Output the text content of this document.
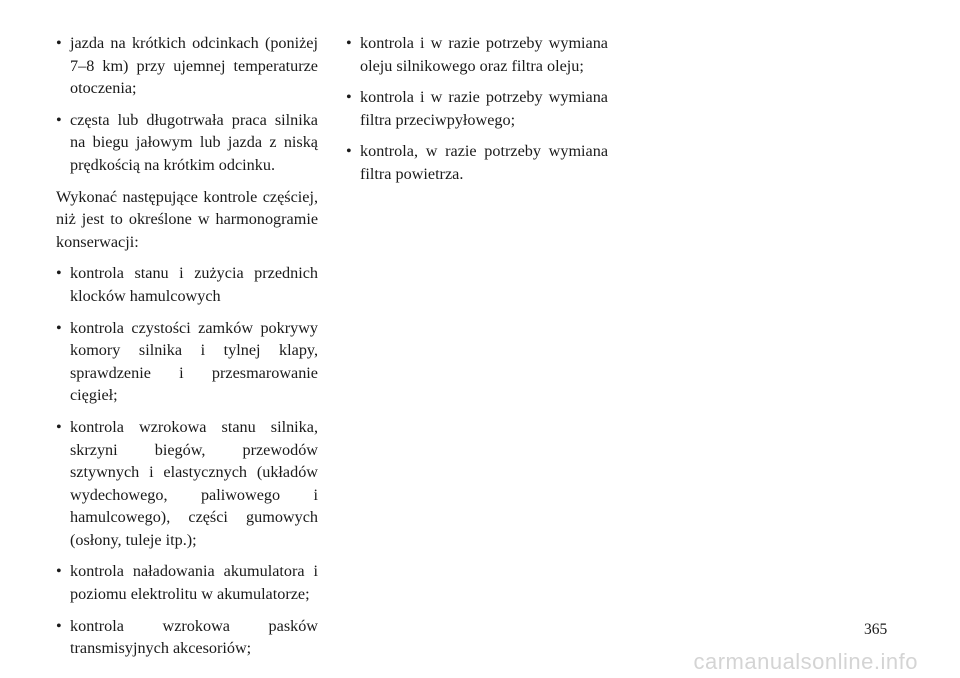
• jazda na krótkich odcinkach (poniżej 7–8 km) przy ujemnej temperaturze otoczenia;
• częsta lub długotrwała praca silnika na biegu jałowym lub jazda z niską prędkością na krótkim odcinku.

Wykonać następujące kontrole częściej, niż jest to określone w harmonogramie konserwacji:

• kontrola stanu i zużycia przednich klocków hamulcowych
• kontrola czystości zamków pokrywy komory silnika i tylnej klapy, sprawdzenie i przesmarowanie cięgieł;
• kontrola wzrokowa stanu silnika, skrzyni biegów, przewodów sztywnych i elastycznych (układów wydechowego, paliwowego i hamulcowego), części gumowych (osłony, tuleje itp.);
• kontrola naładowania akumulatora i poziomu elektrolitu w akumulatorze;
• kontrola wzrokowa pasków transmisyjnych akcesoriów;
• kontrola i w razie potrzeby wymiana oleju silnikowego oraz filtra oleju;
• kontrola i w razie potrzeby wymiana filtra przeciwpyłowego;
• kontrola, w razie potrzeby wymiana filtra powietrza.
365
carmanualsonline.info
